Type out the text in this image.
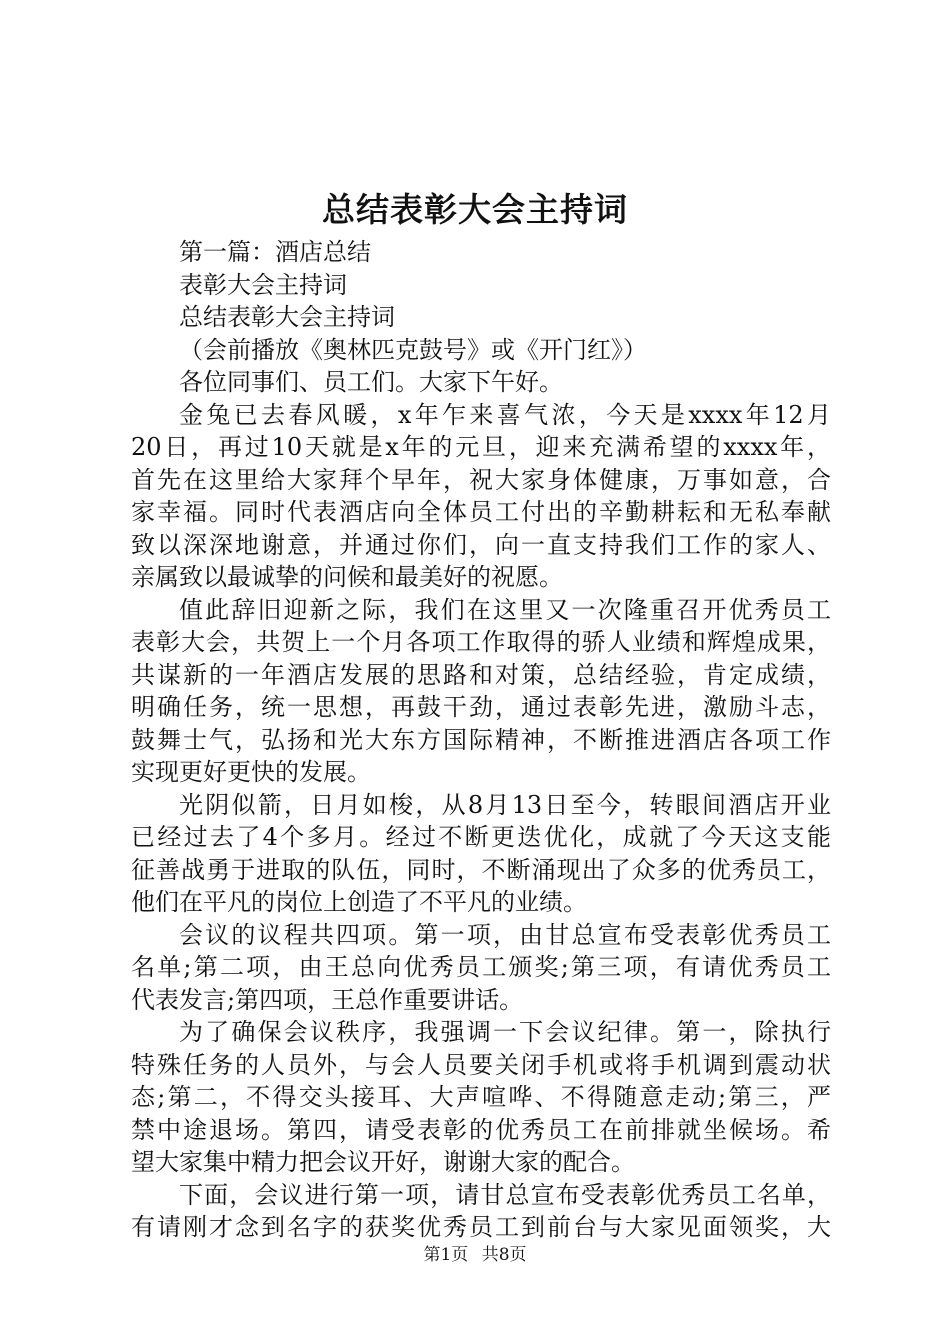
总结表彰大会主持词
第一篇：酒店总结
表彰大会主持词
总结表彰大会主持词
（会前播放《奥林匹克鼓号》或《开门红》）
各位同事们、员工们。大家下午好。
金兔已去春风暖，x年乍来喜气浓，今天是xxxx年12月
20日，再过10天就是x年的元旦，迎来充满希望的xxxx年，
首先在这里给大家拜个早年，祝大家身体健康，万事如意，合
家幸福。同时代表酒店向全体员工付出的辛勤耕耘和无私奉献
致以深深地谢意，并通过你们，向一直支持我们工作的家人、
亲属致以最诚挚的问候和最美好的祝愿。
值此辞旧迎新之际，我们在这里又一次隆重召开优秀员工
表彰大会，共贺上一个月各项工作取得的骄人业绩和辉煌成果，
共谋新的一年酒店发展的思路和对策，总结经验，肯定成绩，
明确任务，统一思想，再鼓干劲，通过表彰先进，激励斗志，
鼓舞士气，弘扬和光大东方国际精神，不断推进酒店各项工作
实现更好更快的发展。
光阴似箭，日月如梭，从8月13日至今，转眼间酒店开业
已经过去了4个多月。经过不断更迭优化，成就了今天这支能
征善战勇于进取的队伍，同时，不断涌现出了众多的优秀员工，
他们在平凡的岗位上创造了不平凡的业绩。
会议的议程共四项。第一项，由甘总宣布受表彰优秀员工
名单;第二项，由王总向优秀员工颁奖;第三项，有请优秀员工
代表发言;第四项，王总作重要讲话。
为了确保会议秩序，我强调一下会议纪律。第一，除执行
特殊任务的人员外，与会人员要关闭手机或将手机调到震动状
态;第二，不得交头接耳、大声喧哗、不得随意走动;第三，严
禁中途退场。第四，请受表彰的优秀员工在前排就坐候场。希
望大家集中精力把会议开好，谢谢大家的配合。
下面，会议进行第一项，请甘总宣布受表彰优秀员工名单，
有请刚才念到名字的获奖优秀员工到前台与大家见面领奖，大
第1页 共8页
